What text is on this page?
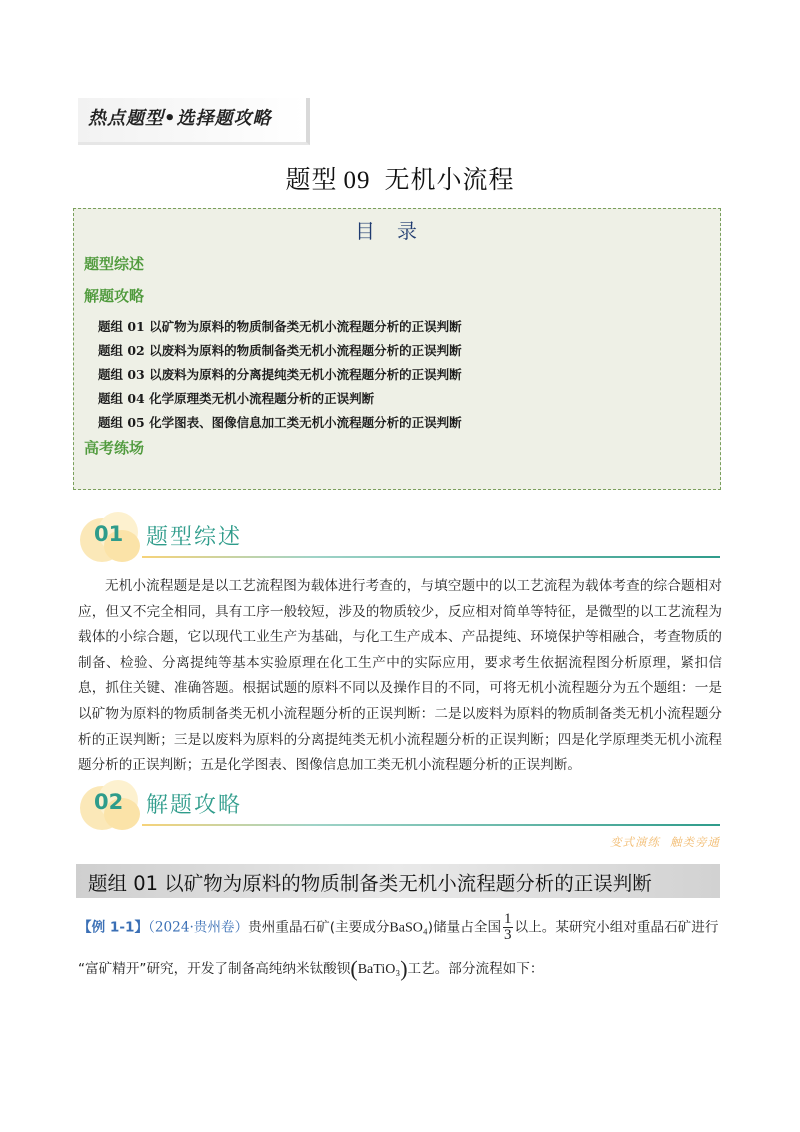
热点题型•选择题攻略
题型 09 无机小流程
目录
题型综述
解题攻略
题组 01 以矿物为原料的物质制备类无机小流程题分析的正误判断
题组 02 以废料为原料的物质制备类无机小流程题分析的正误判断
题组 03 以废料为原料的分离提纯类无机小流程题分析的正误判断
题组 04 化学原理类无机小流程题分析的正误判断
题组 05 化学图表、图像信息加工类无机小流程题分析的正误判断
高考练场
01 题型综述

无机小流程题是是以工艺流程图为载体进行考查的，与填空题中的以工艺流程为载体考查的综合题相对应，但又不完全相同，具有工序一般较短，涉及的物质较少，反应相对简单等特征，是微型的以工艺流程为载体的小综合题，它以现代工业生产为基础，与化工生产成本、产品提纯、环境保护等相融合，考查物质的制备、检验、分离提纯等基本实验原理在化工生产中的实际应用，要求考生依据流程图分析原理，紧扣信息，抓住关键、准确答题。根据试题的原料不同以及操作目的不同，可将无机小流程题分为五个题组：一是以矿物为原料的物质制备类无机小流程题分析的正误判断：二是以废料为原料的物质制备类无机小流程题分析的正误判断；三是以废料为原料的分离提纯类无机小流程题分析的正误判断；四是化学原理类无机小流程题分析的正误判断；五是化学图表、图像信息加工类无机小流程题分析的正误判断。

02 解题攻略
变式演练 触类旁通
题组 01 以矿物为原料的物质制备类无机小流程题分析的正误判断
【例 1-1】（2024·贵州卷）贵州重晶石矿(主要成分BaSO₄)储量占全国 $\frac{1}{3}$ 以上。某研究小组对重晶石矿进行
“富矿精开”研究，开发了制备高纯纳米钛酸钡(BaTiO₃)工艺。部分流程如下：
